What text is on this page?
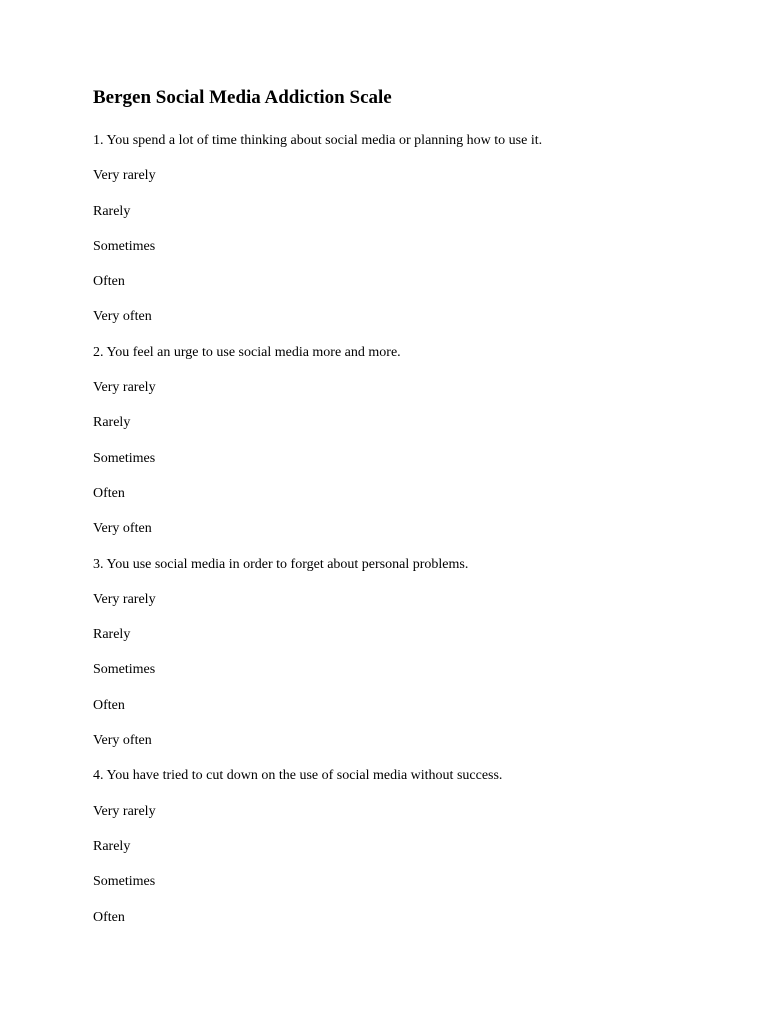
Bergen Social Media Addiction Scale
1. You spend a lot of time thinking about social media or planning how to use it.
Very rarely
Rarely
Sometimes
Often
Very often
2. You feel an urge to use social media more and more.
Very rarely
Rarely
Sometimes
Often
Very often
3. You use social media in order to forget about personal problems.
Very rarely
Rarely
Sometimes
Often
Very often
4. You have tried to cut down on the use of social media without success.
Very rarely
Rarely
Sometimes
Often
